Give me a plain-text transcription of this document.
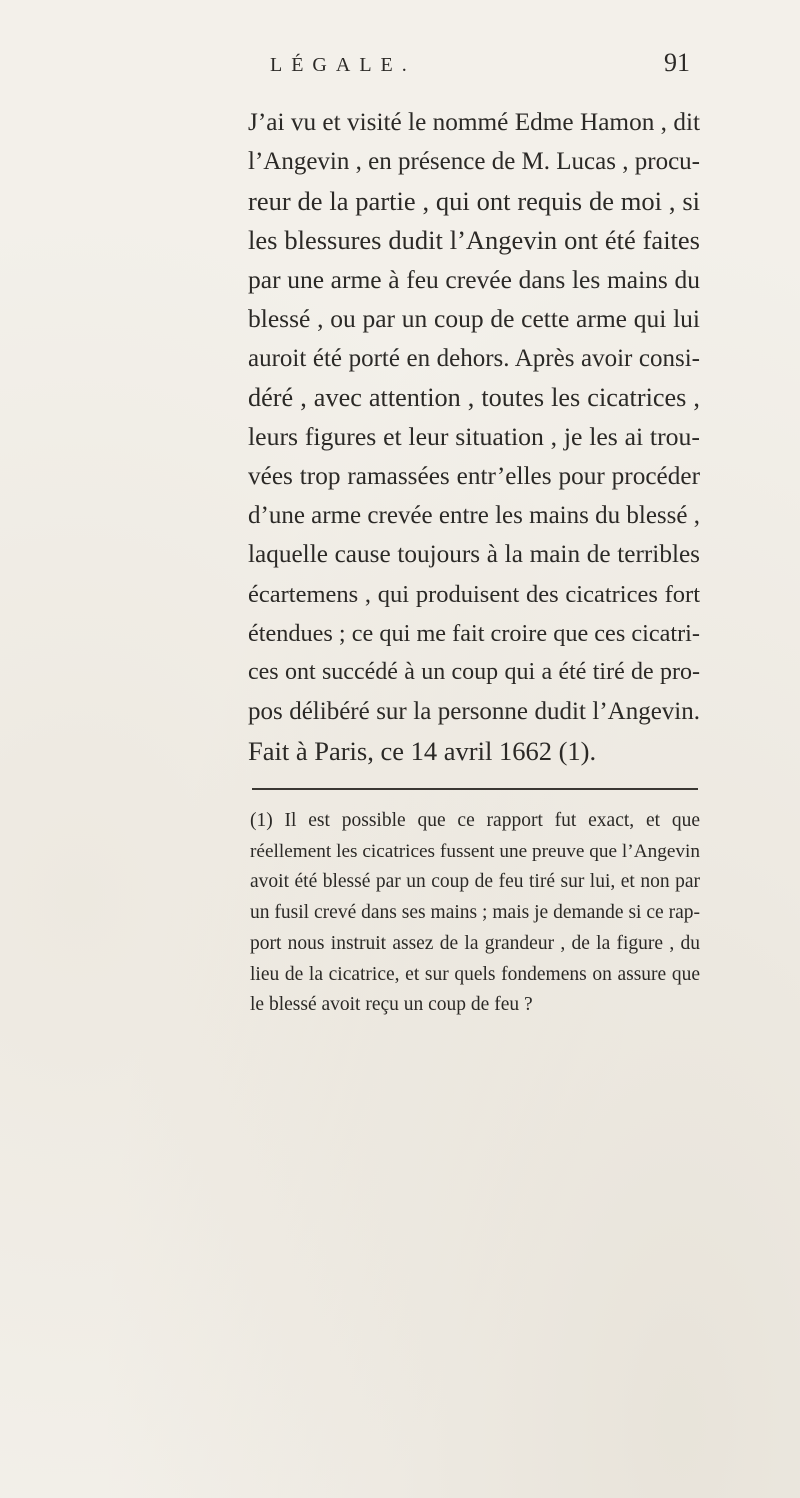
LÉGALE.	91
J’ai vu et visité le nommé Edme Hamon , dit
l’Angevin , en présence de M. Lucas , procu-
reur de la partie , qui ont requis de moi , si
les blessures dudit l’Angevin ont été faites
par une arme à feu crevée dans les mains du
blessé , ou par un coup de cette arme qui lui
auroit été porté en dehors. Après avoir consi-
déré , avec attention , toutes les cicatrices ,
leurs figures et leur situation , je les ai trou-
vées trop ramassées entr’elles pour procéder
d’une arme crevée entre les mains du blessé ,
laquelle cause toujours à la main de terribles
écartemens , qui produisent des cicatrices fort
étendues ; ce qui me fait croire que ces cicatri-
ces ont succédé à un coup qui a été tiré de pro-
pos délibéré sur la personne dudit l’Angevin.
Fait à Paris, ce 14 avril 1662 (1).
(1) Il est possible que ce rapport fut exact, et que
réellement les cicatrices fussent une preuve que l’Angevin
avoit été blessé par un coup de feu tiré sur lui, et non par
un fusil crevé dans ses mains ; mais je demande si ce rap-
port nous instruit assez de la grandeur , de la figure , du
lieu de la cicatrice, et sur quels fondemens on assure que
le blessé avoit reçu un coup de feu ?
